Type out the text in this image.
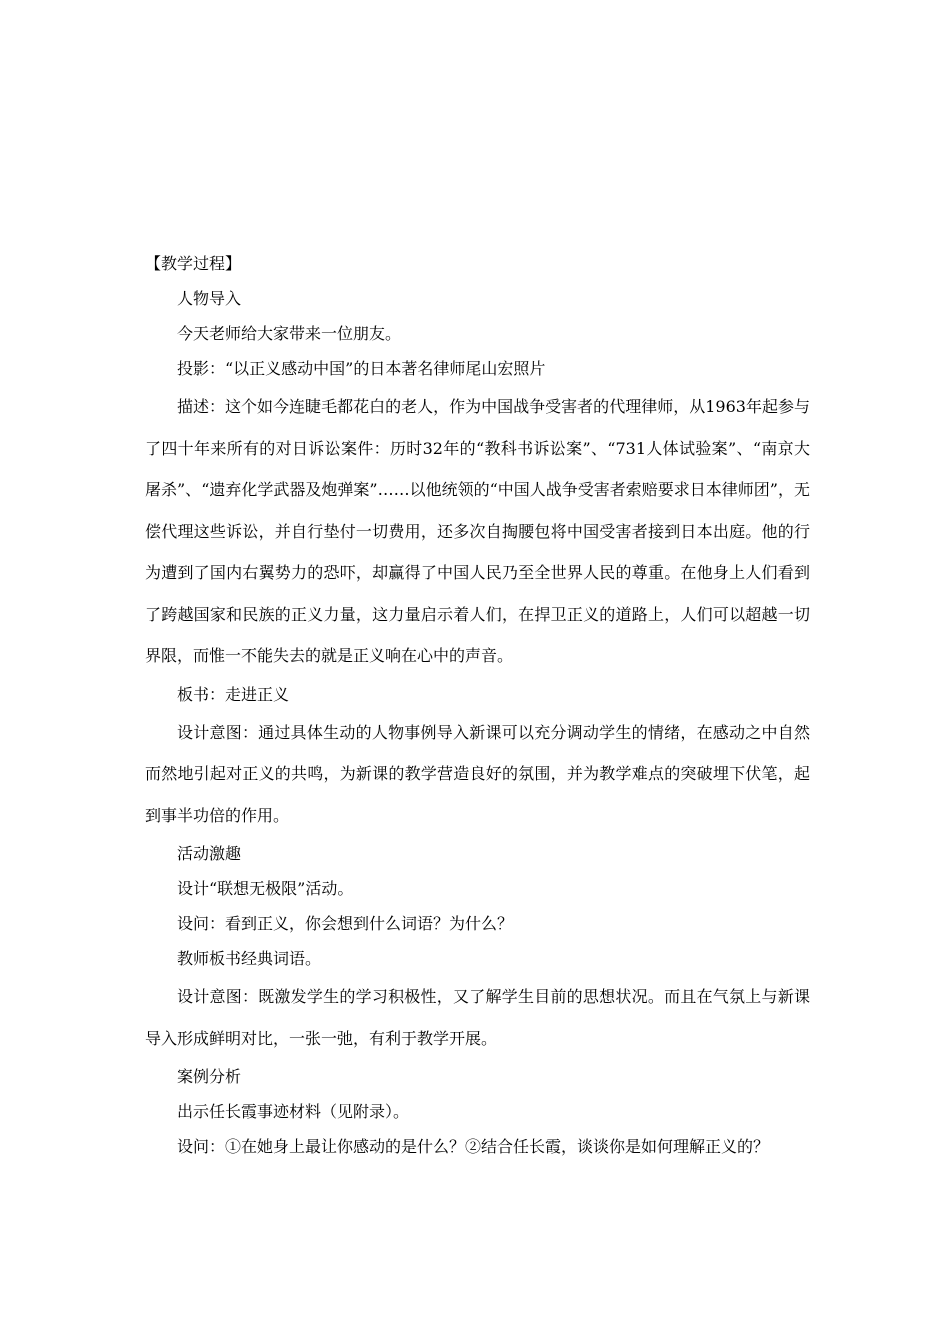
【教学过程】

人物导入

今天老师给大家带来一位朋友。

投影：“以正义感动中国”的日本著名律师尾山宏照片

描述：这个如今连睫毛都花白的老人，作为中国战争受害者的代理律师，从1963年起参与了四十年来所有的对日诉讼案件：历时32年的“教科书诉讼案”、“731人体试验案”、“南京大屠杀”、“遗弃化学武器及炮弹案”……以他统领的“中国人战争受害者索赔要求日本律师团”，无偿代理这些诉讼，并自行垫付一切费用，还多次自掏腰包将中国受害者接到日本出庭。他的行为遭到了国内右翼势力的恐吓，却赢得了中国人民乃至全世界人民的尊重。在他身上人们看到了跨越国家和民族的正义力量，这力量启示着人们，在捍卫正义的道路上，人们可以超越一切界限，而惟一不能失去的就是正义响在心中的声音。

板书：走进正义

设计意图：通过具体生动的人物事例导入新课可以充分调动学生的情绪，在感动之中自然而然地引起对正义的共鸣，为新课的教学营造良好的氛围，并为教学难点的突破埋下伏笔，起到事半功倍的作用。

活动激趣

设计“联想无极限”活动。

设问：看到正义，你会想到什么词语？为什么？

教师板书经典词语。

设计意图：既激发学生的学习积极性，又了解学生目前的思想状况。而且在气氛上与新课导入形成鲜明对比，一张一弛，有利于教学开展。

案例分析

出示任长霞事迹材料（见附录）。

设问：①在她身上最让你感动的是什么？②结合任长霞，谈谈你是如何理解正义的？
